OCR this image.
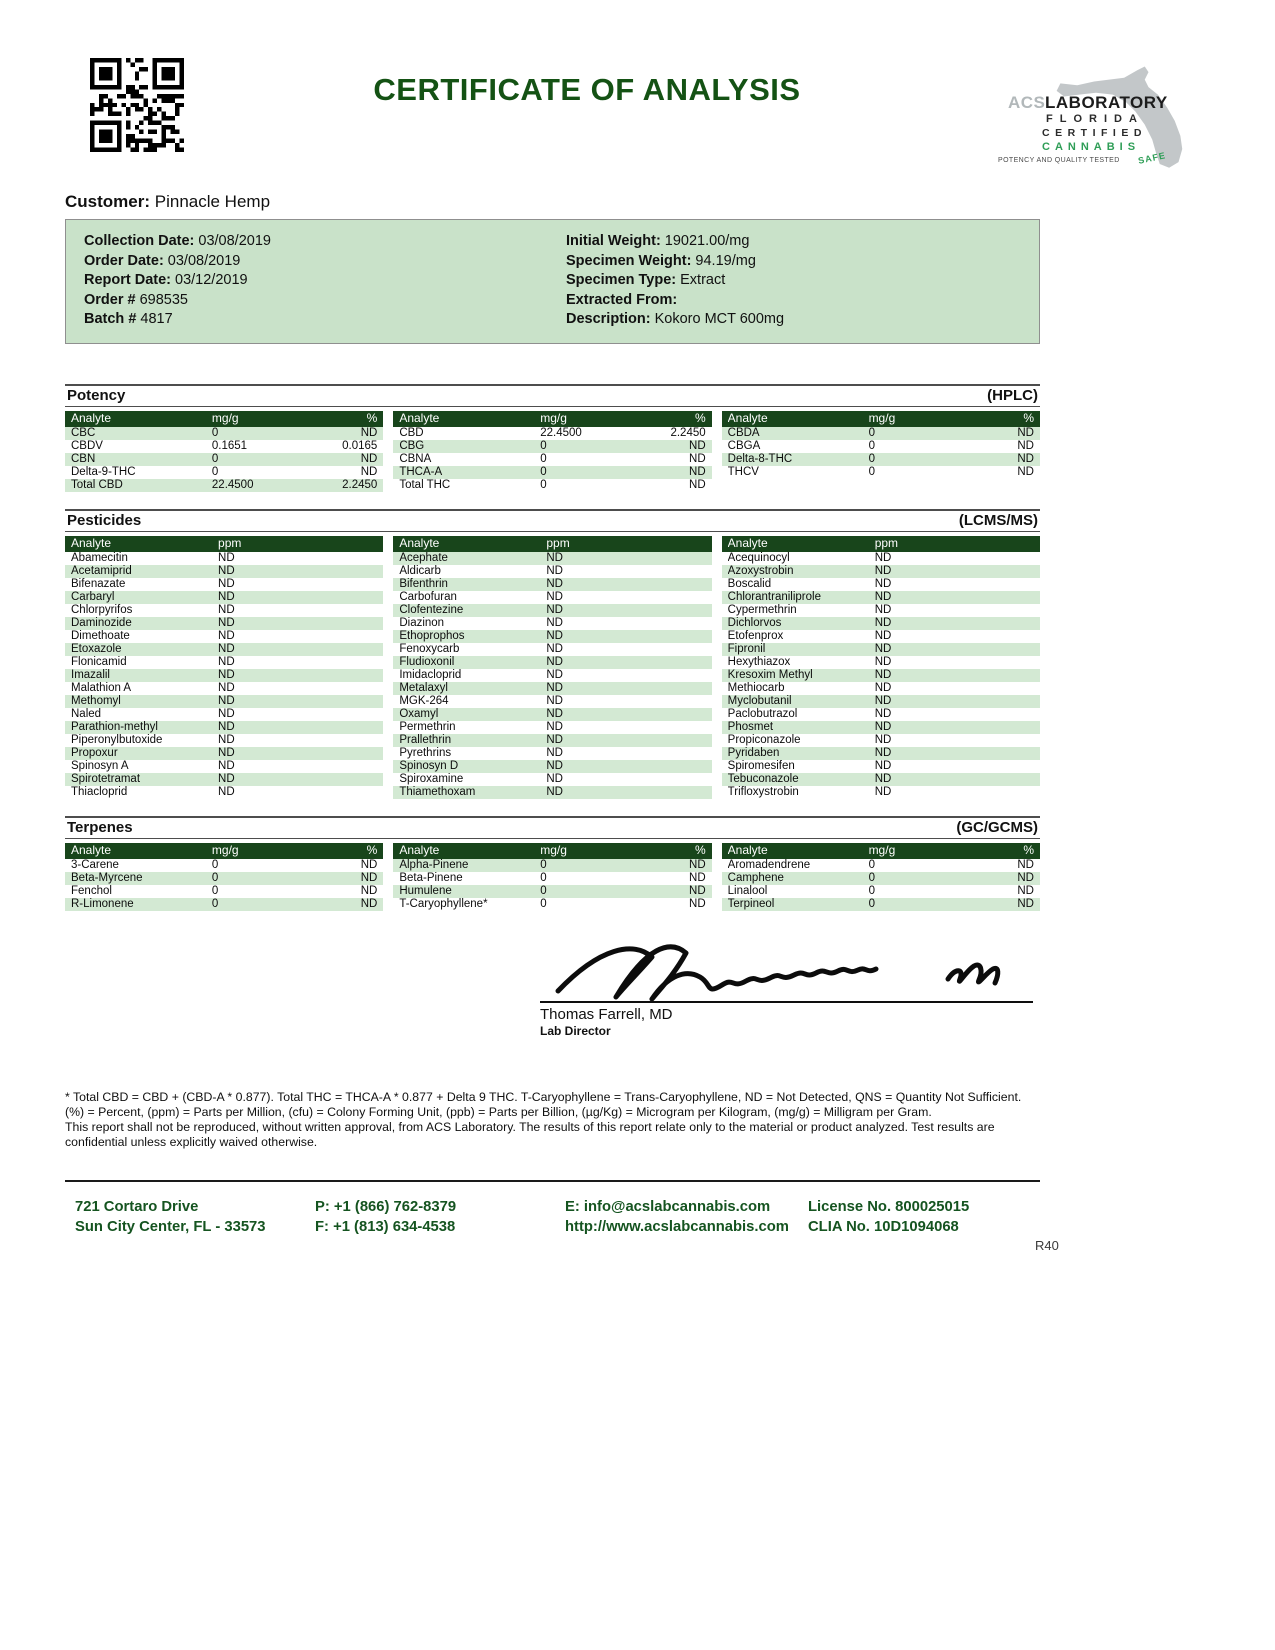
CERTIFICATE OF ANALYSIS	ACS LABORATORY
FLORIDA
CERTIFIED
CANNABIS
POTENCY AND QUALITY TESTED SAFE
Customer: Pinnacle Hemp
Collection Date: 03/08/2019
Order Date: 03/08/2019
Report Date: 03/12/2019
Order # 698535
Batch # 4817
Initial Weight: 19021.00/mg
Specimen Weight: 94.19/mg
Specimen Type: Extract
Extracted From:
Description: Kokoro MCT 600mg
Potency	(HPLC)
Analyte	mg/g	%
CBC	0	ND
CBDV	0.1651	0.0165
CBN	0	ND
Delta-9-THC	0	ND
Total CBD	22.4500	2.2450
Analyte	mg/g	%
CBD	22.4500	2.2450
CBG	0	ND
CBNA	0	ND
THCA-A	0	ND
Total THC	0	ND
Analyte	mg/g	%
CBDA	0	ND
CBGA	0	ND
Delta-8-THC	0	ND
THCV	0	ND
Pesticides	(LCMS/MS)
Analyte	ppm
Abamecitin	ND
Acetamiprid	ND
Bifenazate	ND
Carbaryl	ND
Chlorpyrifos	ND
Daminozide	ND
Dimethoate	ND
Etoxazole	ND
Flonicamid	ND
Imazalil	ND
Malathion A	ND
Methomyl	ND
Naled	ND
Parathion-methyl	ND
Piperonylbutoxide	ND
Propoxur	ND
Spinosyn A	ND
Spirotetramat	ND
Thiacloprid	ND
Analyte	ppm
Acephate	ND
Aldicarb	ND
Bifenthrin	ND
Carbofuran	ND
Clofentezine	ND
Diazinon	ND
Ethoprophos	ND
Fenoxycarb	ND
Fludioxonil	ND
Imidacloprid	ND
Metalaxyl	ND
MGK-264	ND
Oxamyl	ND
Permethrin	ND
Prallethrin	ND
Pyrethrins	ND
Spinosyn D	ND
Spiroxamine	ND
Thiamethoxam	ND
Analyte	ppm
Acequinocyl	ND
Azoxystrobin	ND
Boscalid	ND
Chlorantraniliprole	ND
Cypermethrin	ND
Dichlorvos	ND
Etofenprox	ND
Fipronil	ND
Hexythiazox	ND
Kresoxim Methyl	ND
Methiocarb	ND
Myclobutanil	ND
Paclobutrazol	ND
Phosmet	ND
Propiconazole	ND
Pyridaben	ND
Spiromesifen	ND
Tebuconazole	ND
Trifloxystrobin	ND
Terpenes	(GC/GCMS)
Analyte	mg/g	%
3-Carene	0	ND
Beta-Myrcene	0	ND
Fenchol	0	ND
R-Limonene	0	ND
Analyte	mg/g	%
Alpha-Pinene	0	ND
Beta-Pinene	0	ND
Humulene	0	ND
T-Caryophyllene*	0	ND
Analyte	mg/g	%
Aromadendrene	0	ND
Camphene	0	ND
Linalool	0	ND
Terpineol	0	ND
Thomas Farrell, MD
Lab Director

* Total CBD = CBD + (CBD-A * 0.877). Total THC = THCA-A * 0.877 + Delta 9 THC. T-Caryophyllene = Trans-Caryophyllene, ND = Not Detected, QNS = Quantity Not Sufficient. (%) = Percent, (ppm) = Parts per Million, (cfu) = Colony Forming Unit, (ppb) = Parts per Billion, (µg/Kg) = Microgram per Kilogram, (mg/g) = Milligram per Gram.

This report shall not be reproduced, without written approval, from ACS Laboratory. The results of this report relate only to the material or product analyzed. Test results are confidential unless explicitly waived otherwise.

721 Cortaro Drive
Sun City Center, FL - 33573
P: +1 (866) 762-8379
F: +1 (813) 634-4538
E: info@acslabcannabis.com
http://www.acslabcannabis.com
License No. 800025015
CLIA No. 10D1094068
R40
